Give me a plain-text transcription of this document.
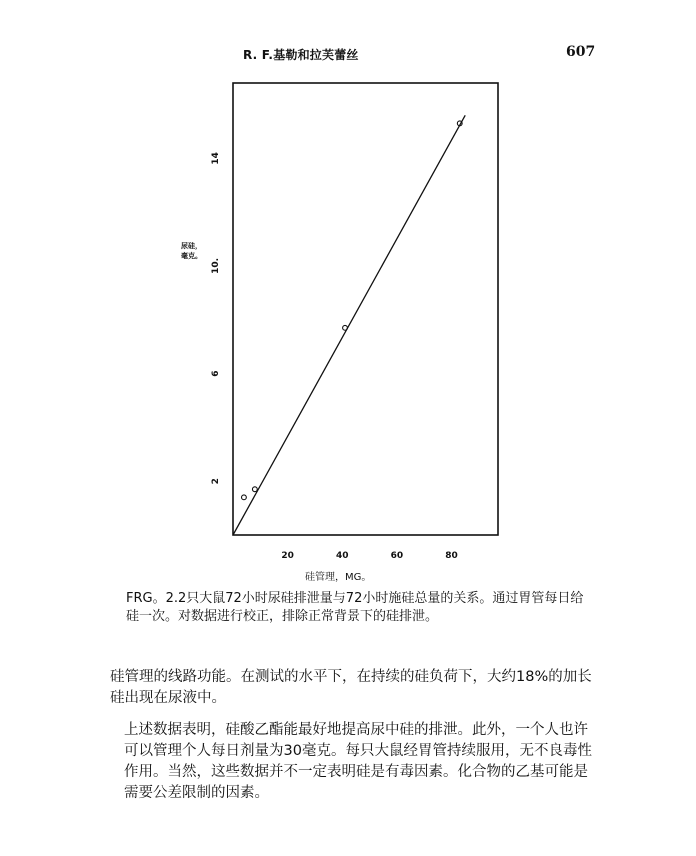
R. F.基勒和拉芙蕾丝	607
20	40	60	80
2
6
10.
14
尿硅，
毫克。
硅管理，MG。
FRG。2.2只大鼠72小时尿硅排泄量与72小时施硅总量的关系。通过胃管每日给硅一次。对数据进行校正，排除正常背景下的硅排泄。
硅管理的线路功能。在测试的水平下，在持续的硅负荷下，大约18%的加长硅出现在尿液中。
上述数据表明，硅酸乙酯能最好地提高尿中硅的排泄。此外，一个人也许可以管理个人每日剂量为30毫克。每只大鼠经胃管持续服用，无不良毒性作用。当然，这些数据并不一定表明硅是有毒因素。化合物的乙基可能是需要公差限制的因素。
